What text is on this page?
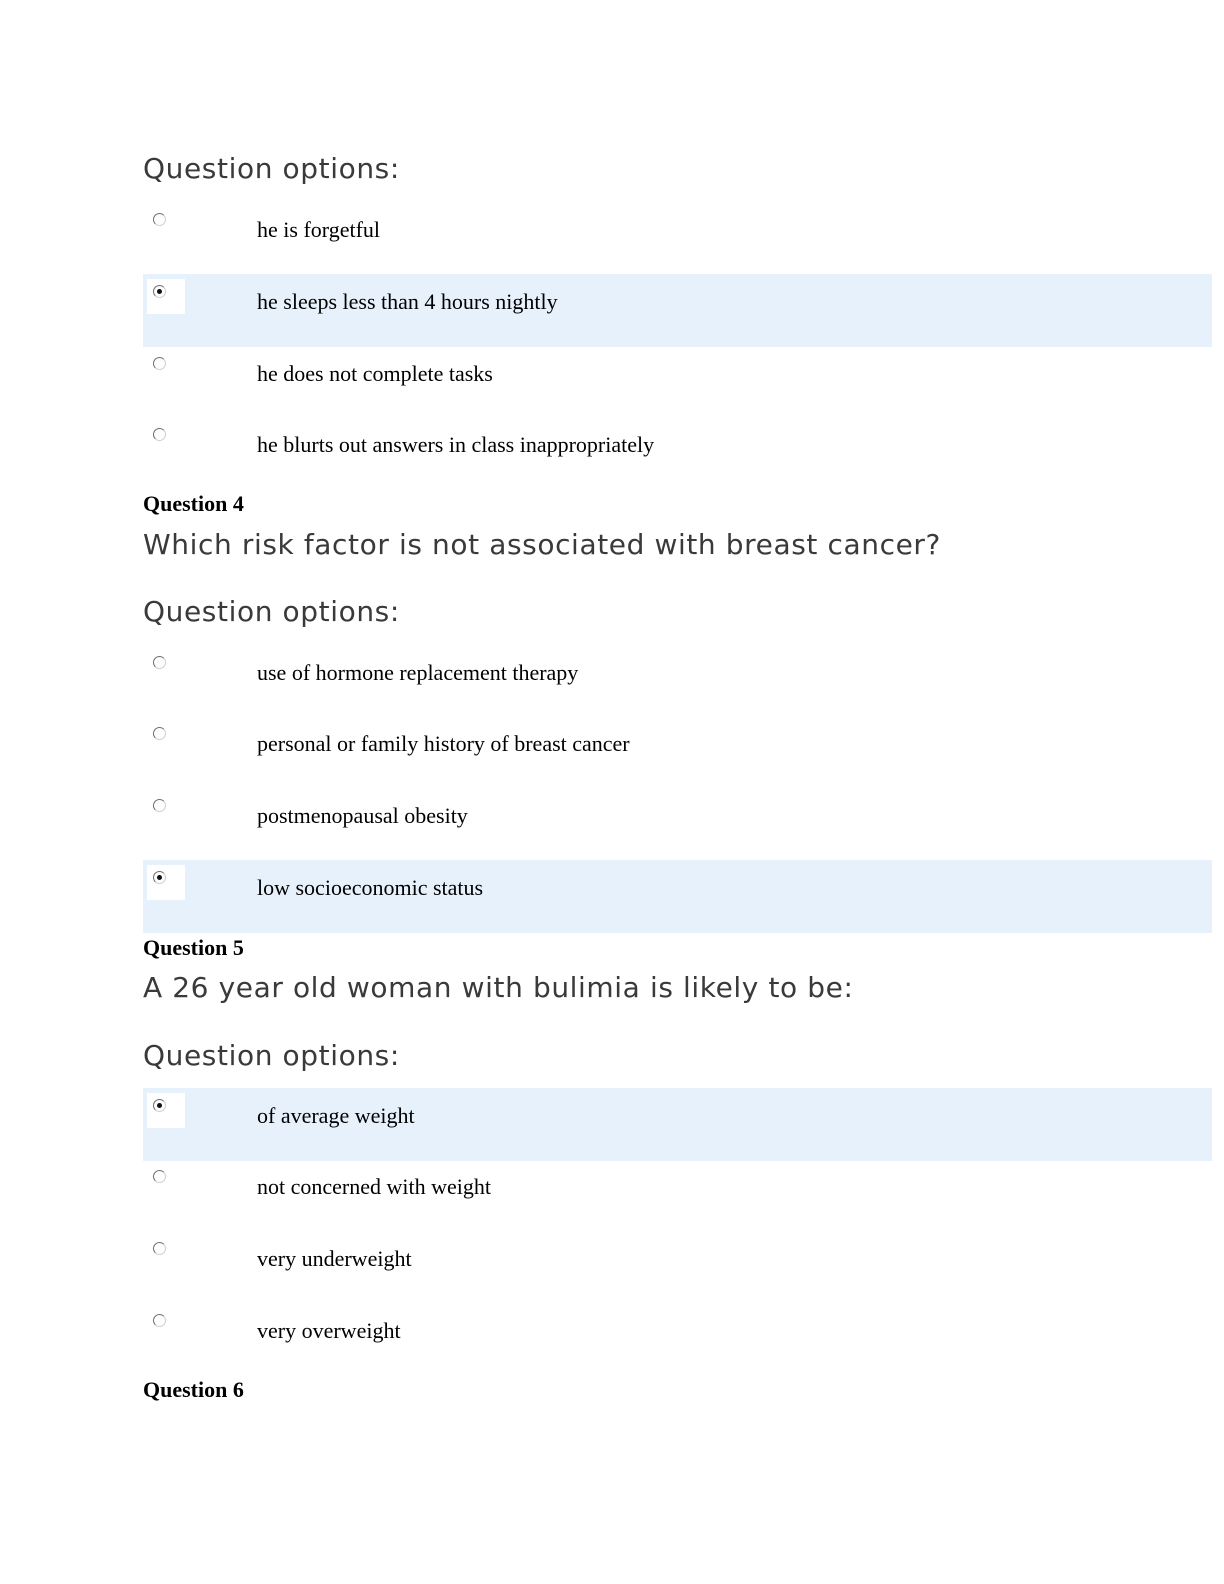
Question options:
he is forgetful
he sleeps less than 4 hours nightly
he does not complete tasks
he blurts out answers in class inappropriately
Question 4
Which risk factor is not associated with breast cancer?
Question options:
use of hormone replacement therapy
personal or family history of breast cancer
postmenopausal obesity
low socioeconomic status
Question 5
A 26 year old woman with bulimia is likely to be:
Question options:
of average weight
not concerned with weight
very underweight
very overweight
Question 6
